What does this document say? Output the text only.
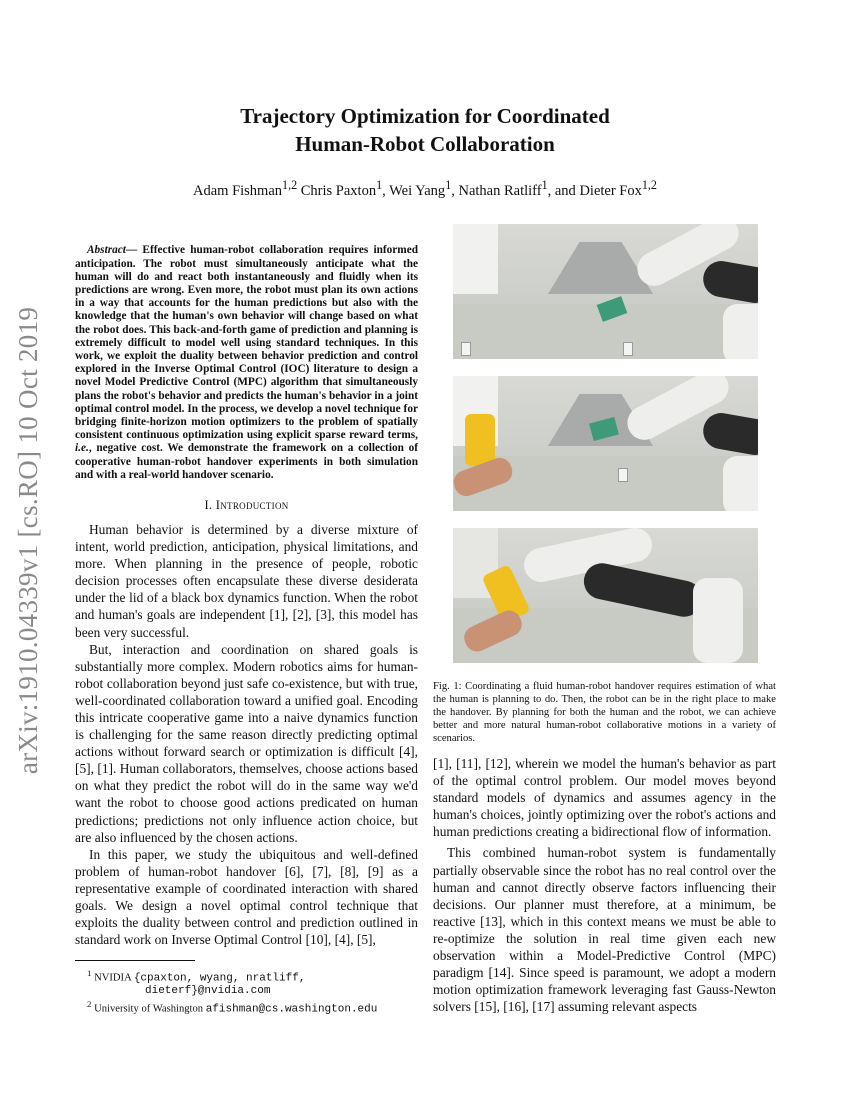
arXiv:1910.04339v1 [cs.RO] 10 Oct 2019
Trajectory Optimization for Coordinated
Human-Robot Collaboration
Adam Fishman$^{1,2}$ Chris Paxton$^1$, Wei Yang$^1$, Nathan Ratliff$^1$, and Dieter Fox$^{1,2}$

Abstract— Effective human-robot collaboration requires informed anticipation. The robot must simultaneously anticipate what the human will do and react both instantaneously and fluidly when its predictions are wrong. Even more, the robot must plan its own actions in a way that accounts for the human predictions but also with the knowledge that the human's own behavior will change based on what the robot does. This back-and-forth game of prediction and planning is extremely difficult to model well using standard techniques. In this work, we exploit the duality between behavior prediction and control explored in the Inverse Optimal Control (IOC) literature to design a novel Model Predictive Control (MPC) algorithm that simultaneously plans the robot's behavior and predicts the human's behavior in a joint optimal control model. In the process, we develop a novel technique for bridging finite-horizon motion optimizers to the problem of spatially consistent continuous optimization using explicit sparse reward terms, i.e., negative cost. We demonstrate the framework on a collection of cooperative human-robot handover experiments in both simulation and with a real-world handover scenario.

I. Introduction

Human behavior is determined by a diverse mixture of intent, world prediction, anticipation, physical limitations, and more. When planning in the presence of people, robotic decision processes often encapsulate these diverse desiderata under the lid of a black box dynamics function. When the robot and human's goals are independent [1], [2], [3], this model has been very successful.

But, interaction and coordination on shared goals is substantially more complex. Modern robotics aims for human-robot collaboration beyond just safe co-existence, but with true, well-coordinated collaboration toward a unified goal. Encoding this intricate cooperative game into a naive dynamics function is challenging for the same reason directly predicting optimal actions without forward search or optimization is difficult [4], [5], [1]. Human collaborators, themselves, choose actions based on what they predict the robot will do in the same way we'd want the robot to choose good actions predicated on human predictions; predictions not only influence action choice, but are also influenced by the chosen actions.

In this paper, we study the ubiquitous and well-defined problem of human-robot handover [6], [7], [8], [9] as a representative example of coordinated interaction with shared goals. We design a novel optimal control technique that exploits the duality between control and prediction outlined in standard work on Inverse Optimal Control [10], [4], [5],

$^1$ NVIDIA {cpaxton, wyang, nratliff,
dieterf}@nvidia.com
$^2$ University of Washington afishman@cs.washington.edu
Fig. 1: Coordinating a fluid human-robot handover requires estimation of what the human is planning to do. Then, the robot can be in the right place to make the handover. By planning for both the human and the robot, we can achieve better and more natural human-robot collaborative motions in a variety of scenarios.

[1], [11], [12], wherein we model the human's behavior as part of the optimal control problem. Our model moves beyond standard models of dynamics and assumes agency in the human's choices, jointly optimizing over the robot's actions and human predictions creating a bidirectional flow of information.

This combined human-robot system is fundamentally partially observable since the robot has no real control over the human and cannot directly observe factors influencing their decisions. Our planner must therefore, at a minimum, be reactive [13], which in this context means we must be able to re-optimize the solution in real time given each new observation within a Model-Predictive Control (MPC) paradigm [14]. Since speed is paramount, we adopt a modern motion optimization framework leveraging fast Gauss-Newton solvers [15], [16], [17] assuming relevant aspects
